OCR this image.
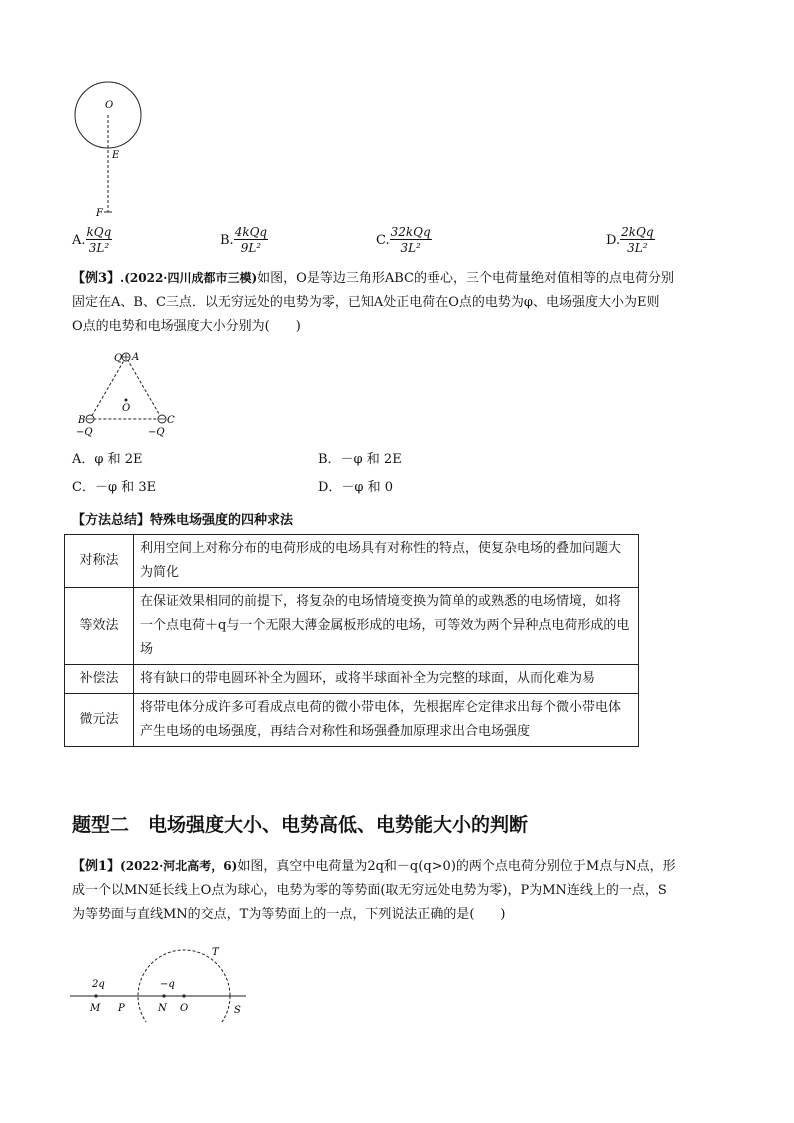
O
E
F
A. $\frac{\text{kQq}}{\text{3L²}}$	B. $\frac{\text{4kQq}}{\text{9L²}}$	C. $\frac{\text{32kQq}}{\text{3L²}}$	D. $\frac{\text{2kQq}}{\text{3L²}}$
【例3】.(2022·四川成都市三模)如图，O是等边三角形ABC的垂心，三个电荷量绝对值相等的点电荷分别
固定在A、B、C三点．以无穷远处的电势为零，已知A处正电荷在O点的电势为φ、电场强度大小为E则
O点的电势和电场强度大小分别为(　　)
Q A
O
B	C
−Q	−Q
A．φ 和 2E	B．－φ 和 2E
C．－φ 和 3E	D．－φ 和 0
【方法总结】特殊电场强度的四种求法
对称法	利用空间上对称分布的电荷形成的电场具有对称性的特点，使复杂电场的叠加问题大为简化
等效法	在保证效果相同的前提下，将复杂的电场情境变换为简单的或熟悉的电场情境，如将一个点电荷＋q与一个无限大薄金属板形成的电场，可等效为两个异种点电荷形成的电场
补偿法	将有缺口的带电圆环补全为圆环，或将半球面补全为完整的球面，从而化难为易
微元法	将带电体分成许多可看成点电荷的微小带电体，先根据库仑定律求出每个微小带电体产生电场的电场强度，再结合对称性和场强叠加原理求出合电场强度
题型二　电场强度大小、电势高低、电势能大小的判断
【例1】(2022·河北高考，6)如图，真空中电荷量为2q和－q(q>0)的两个点电荷分别位于M点与N点，形
成一个以MN延长线上O点为球心，电势为零的等势面(取无穷远处电势为零)，P为MN连线上的一点，S
为等势面与直线MN的交点，T为等势面上的一点，下列说法正确的是(　　)
2q	−q
T
M P	N O	S
